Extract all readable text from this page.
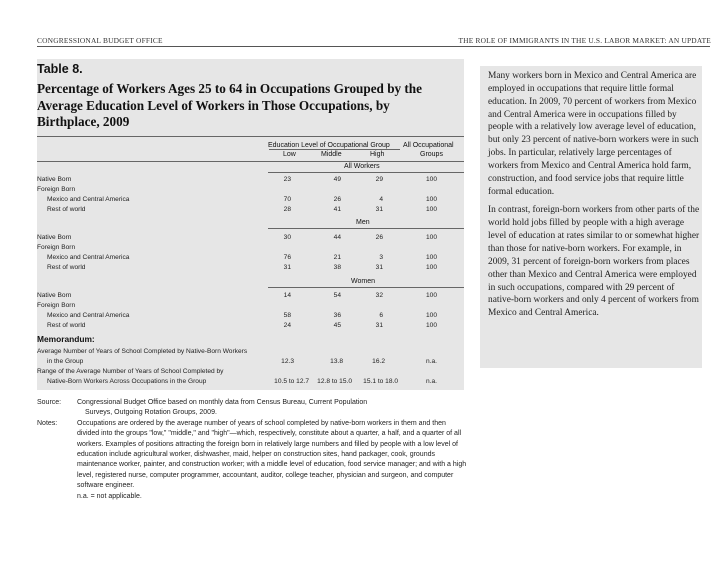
CONGRESSIONAL BUDGET OFFICE	THE ROLE OF IMMIGRANTS IN THE U.S. LABOR MARKET: AN UPDATE
Table 8.
Percentage of Workers Ages 25 to 64 in Occupations Grouped by the Average Education Level of Workers in Those Occupations, by Birthplace, 2009
Education Level of Occupational Group All Occupational
Low	Middle	High	Groups
All Workers
Native Born	23	49	29	100
Foreign Born
Mexico and Central America	70	26	4	100
Rest of world	28	41	31	100
Men
Native Born	30	44	26	100
Foreign Born
Mexico and Central America	76	21	3	100
Rest of world	31	38	31	100
Women
Native Born	14	54	32	100
Foreign Born
Mexico and Central America	58	36	6	100
Rest of world	24	45	31	100
Memorandum:
Average Number of Years of School Completed by Native-Born Workers
in the Group	12.3	13.8	16.2	n.a.
Range of the Average Number of Years of School Completed by
Native-Born Workers Across Occupations in the Group	10.5 to 12.7 12.8 to 15.0 15.1 to 18.0	n.a.
Source:	Congressional Budget Office based on monthly data from Census Bureau, Current Population

Surveys, Outgoing Rotation Groups, 2009.

Notes:	Occupations are ordered by the average number of years of school completed by native-born workers in them and then divided into the groups "low," "middle," and "high"—which, respectively, constitute about a quarter, a half, and a quarter of all workers. Examples of positions attracting the foreign born in relatively large numbers and filled by people with a low level of education include agricultural worker, dishwasher, maid, helper on construction sites, hand packager, cook, grounds maintenance worker, painter, and construction worker; with a middle level of education, food service manager; and with a high level, registered nurse, computer programmer, accountant, auditor, college teacher, physician and surgeon, and computer software engineer.

n.a. = not applicable.

Many workers born in Mexico and Central America are employed in occupations that require little formal education. In 2009, 70 percent of workers from Mexico and Central America were in occupations filled by people with a relatively low average level of education, but only 23 percent of native-born workers were in such jobs. In particular, relatively large percentages of workers from Mexico and Central America hold farm, construction, and food service jobs that require little formal education.

In contrast, foreign-born workers from other parts of the world hold jobs filled by people with a high average level of education at rates similar to or somewhat higher than those for native-born workers. For example, in 2009, 31 percent of foreign-born workers from places other than Mexico and Central America were employed in such occupations, compared with 29 percent of native-born workers and only 4 percent of workers from Mexico and Central America.
